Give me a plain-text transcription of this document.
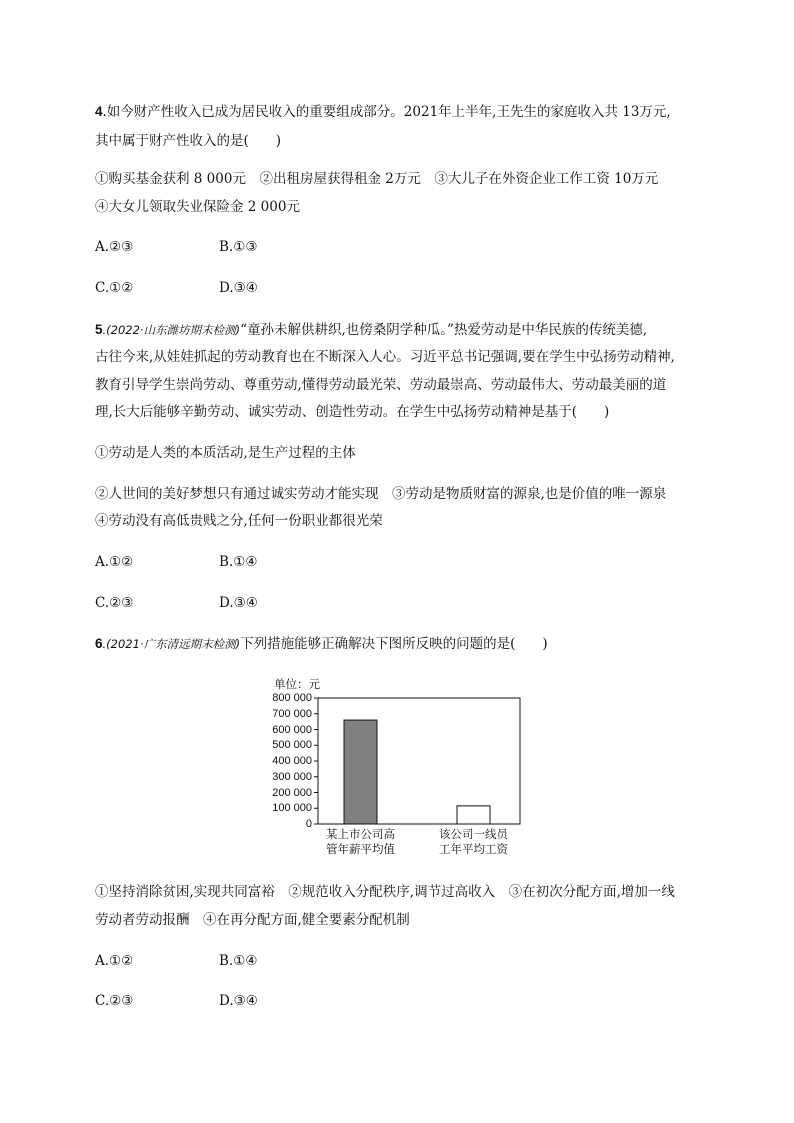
4.如今财产性收入已成为居民收入的重要组成部分。2021年上半年,王先生的家庭收入共 13万元,
其中属于财产性收入的是(　　)
①购买基金获利 8 000元　②出租房屋获得租金 2万元　③大儿子在外资企业工作工资 10万元
④大女儿领取失业保险金 2 000元
A.②③	B.①③
C.①②	D.③④
5.(2022·山东潍坊期末检测)“童孙未解供耕织,也傍桑阴学种瓜。”热爱劳动是中华民族的传统美德,
古往今来,从娃娃抓起的劳动教育也在不断深入人心。习近平总书记强调,要在学生中弘扬劳动精神,
教育引导学生崇尚劳动、尊重劳动,懂得劳动最光荣、劳动最崇高、劳动最伟大、劳动最美丽的道
理,长大后能够辛勤劳动、诚实劳动、创造性劳动。在学生中弘扬劳动精神是基于(　　)
①劳动是人类的本质活动,是生产过程的主体
②人世间的美好梦想只有通过诚实劳动才能实现　③劳动是物质财富的源泉,也是价值的唯一源泉
④劳动没有高低贵贱之分,任何一份职业都很光荣
A.①②	B.①④
C.②③	D.③④
6.(2021·广东清远期末检测)下列措施能够正确解决下图所反映的问题的是(　　)
单位：元
0
100 000
200 000
300 000
400 000
500 000
600 000
700 000
800 000
某上市公司高
管年薪平均值
该公司一线员
工年平均工资
①坚持消除贫困,实现共同富裕　②规范收入分配秩序,调节过高收入　③在初次分配方面,增加一线
劳动者劳动报酬　④在再分配方面,健全要素分配机制
A.①②	B.①④
C.②③	D.③④
